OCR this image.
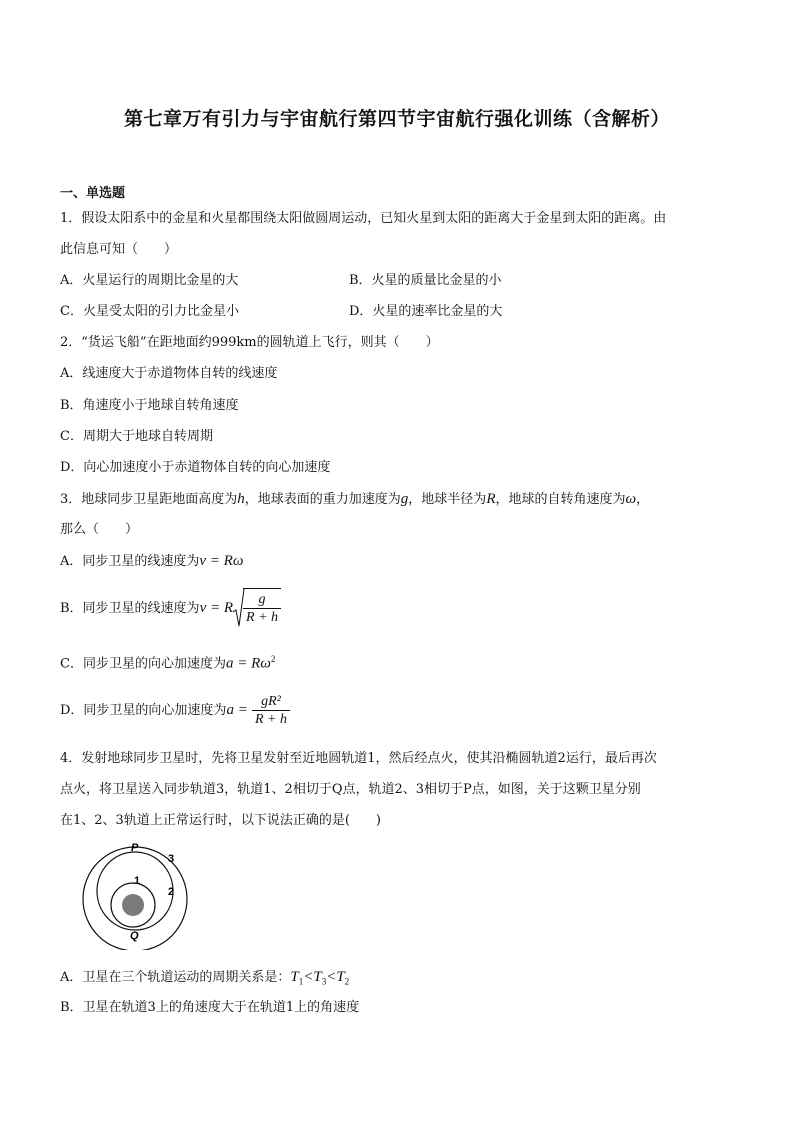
第七章万有引力与宇宙航行第四节宇宙航行强化训练（含解析）
一、单选题
1．假设太阳系中的金星和火星都围绕太阳做圆周运动，已知火星到太阳的距离大于金星到太阳的距离。由
此信息可知（　　）
A．火星运行的周期比金星的大	B．火星的质量比金星的小
C．火星受太阳的引力比金星小	D．火星的速率比金星的大
2．“货运飞船”在距地面约999km的圆轨道上飞行，则其（　　）
A．线速度大于赤道物体自转的线速度
B．角速度小于地球自转角速度
C．周期大于地球自转周期
D．向心加速度小于赤道物体自转的向心加速度
3．地球同步卫星距地面高度为h，地球表面的重力加速度为g，地球半径为R，地球的自转角速度为ω，
那么（　　）
A．同步卫星的线速度为v = Rω
B．同步卫星的线速度为v = R $\frac{g}{R + h}$
C．同步卫星的向心加速度为$a = R\omega^2$
D．同步卫星的向心加速度为$a = \frac{\text{gR²}}{R + h}$
4．发射地球同步卫星时，先将卫星发射至近地圆轨道1，然后经点火，使其沿椭圆轨道2运行，最后再次
点火，将卫星送入同步轨道3，轨道1、2相切于Q点，轨道2、3相切于P点，如图，关于这颗卫星分别
在1、2、3轨道上正常运行时，以下说法正确的是(　　)
P
3
1
2
Q
A．卫星在三个轨道运动的周期关系是：$T_1<T_3<T_2$
B．卫星在轨道3上的角速度大于在轨道1上的角速度
